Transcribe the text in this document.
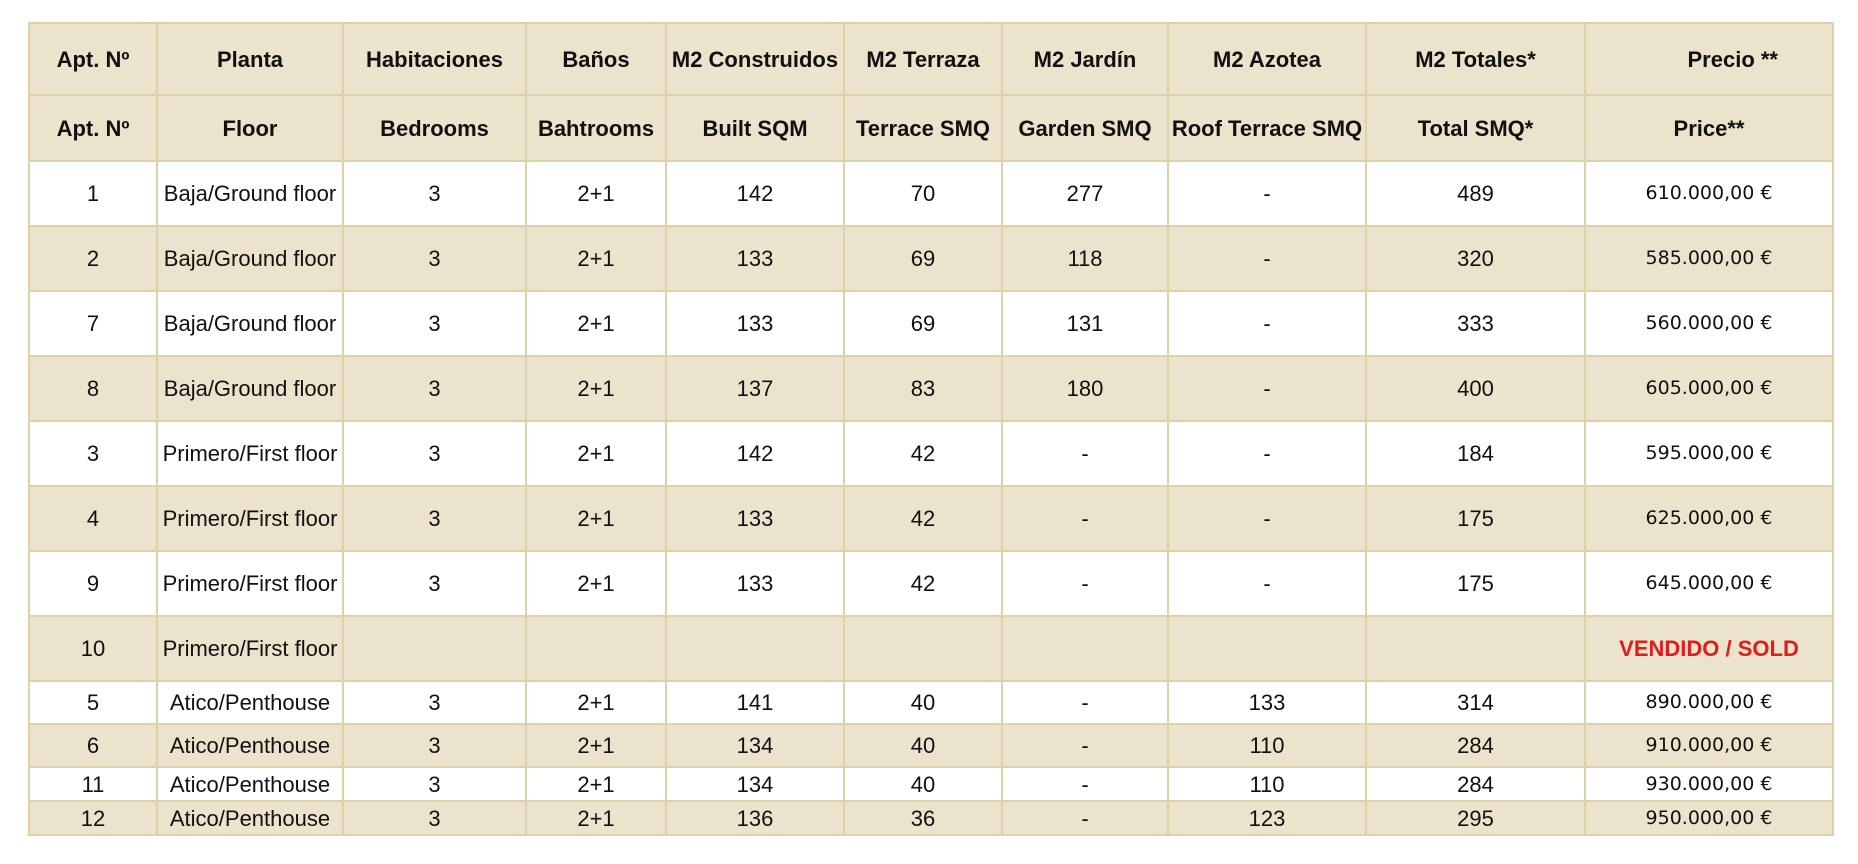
Apt. Nº	Planta	Habitaciones	Baños	M2 Construidos	M2 Terraza	M2 Jardín	M2 Azotea	M2 Totales*	Precio **
Apt. Nº	Floor	Bedrooms	Bahtrooms	Built SQM	Terrace SMQ	Garden SMQ	Roof Terrace SMQ	Total SMQ*	Price**
1	Baja/Ground floor	3	2+1	142	70	277	-	489	610.000,00 €
2	Baja/Ground floor	3	2+1	133	69	118	-	320	585.000,00 €
7	Baja/Ground floor	3	2+1	133	69	131	-	333	560.000,00 €
8	Baja/Ground floor	3	2+1	137	83	180	-	400	605.000,00 €
3	Primero/First floor	3	2+1	142	42	-	-	184	595.000,00 €
4	Primero/First floor	3	2+1	133	42	-	-	175	625.000,00 €
9	Primero/First floor	3	2+1	133	42	-	-	175	645.000,00 €
10	Primero/First floor								VENDIDO / SOLD
5	Atico/Penthouse	3	2+1	141	40	-	133	314	890.000,00 €
6	Atico/Penthouse	3	2+1	134	40	-	110	284	910.000,00 €
11	Atico/Penthouse	3	2+1	134	40	-	110	284	930.000,00 €
12	Atico/Penthouse	3	2+1	136	36	-	123	295	950.000,00 €
